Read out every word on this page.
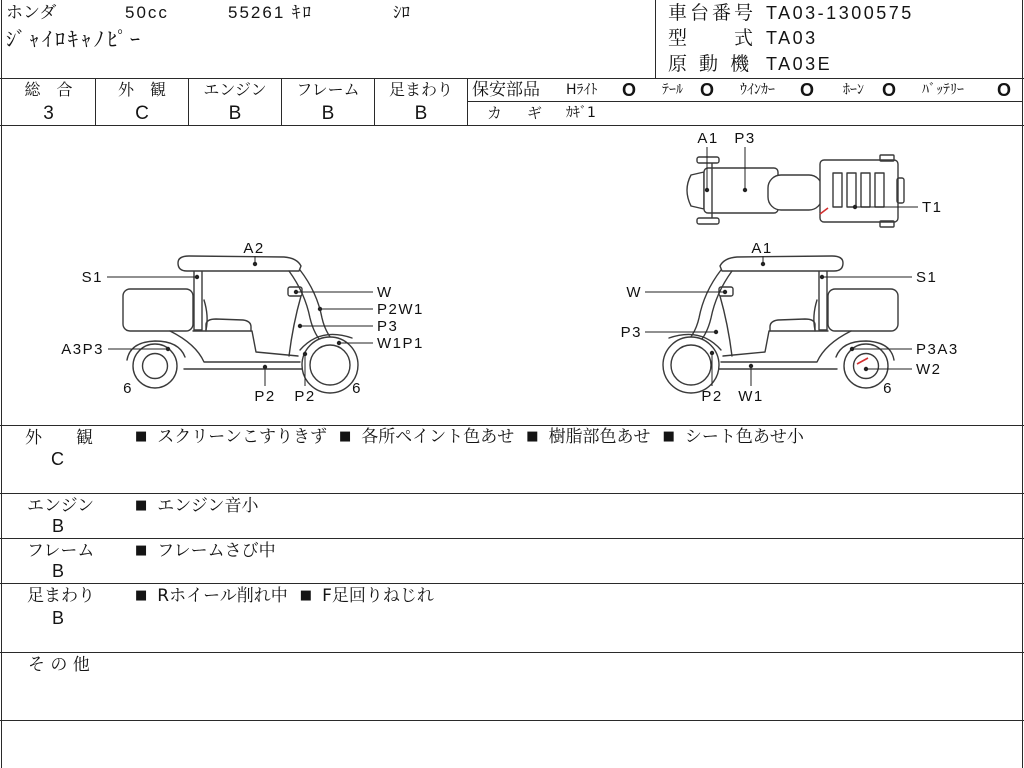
ホンダ	50cc	55261 ｷﾛ	ｼﾛ
ｼﾞｬｲﾛｷｬﾉﾋﾟｰ
車台番号 TA03-1300575
型　　式 TA03
原 動 機 TA03E
総　合
3
外　観
C
エンジン
B
フレーム
B
足まわり
B
保安部品 Hﾗｲﾄ O ﾃｰﾙ O ｳｲﾝｶｰ O ﾎｰﾝ O ﾊﾞｯﾃﾘｰ O
カ　ギ ｶｷﾞ1
A1 P3
T1
A2
S1
W
P2W1
P3
W1P1
A3P3
6	P2 P2 6
A1
S1
W
P3
P3A3
W2
6
P2 W1
外　　観
C
■ スクリーンこすりきず ■ 各所ペイント色あせ ■ 樹脂部色あせ ■ シート色あせ小
エンジン
B
■ エンジン音小
フレーム
B
■ フレームさび中
足まわり
B
■ Rホイール削れ中 ■ F足回りねじれ
そ の 他
